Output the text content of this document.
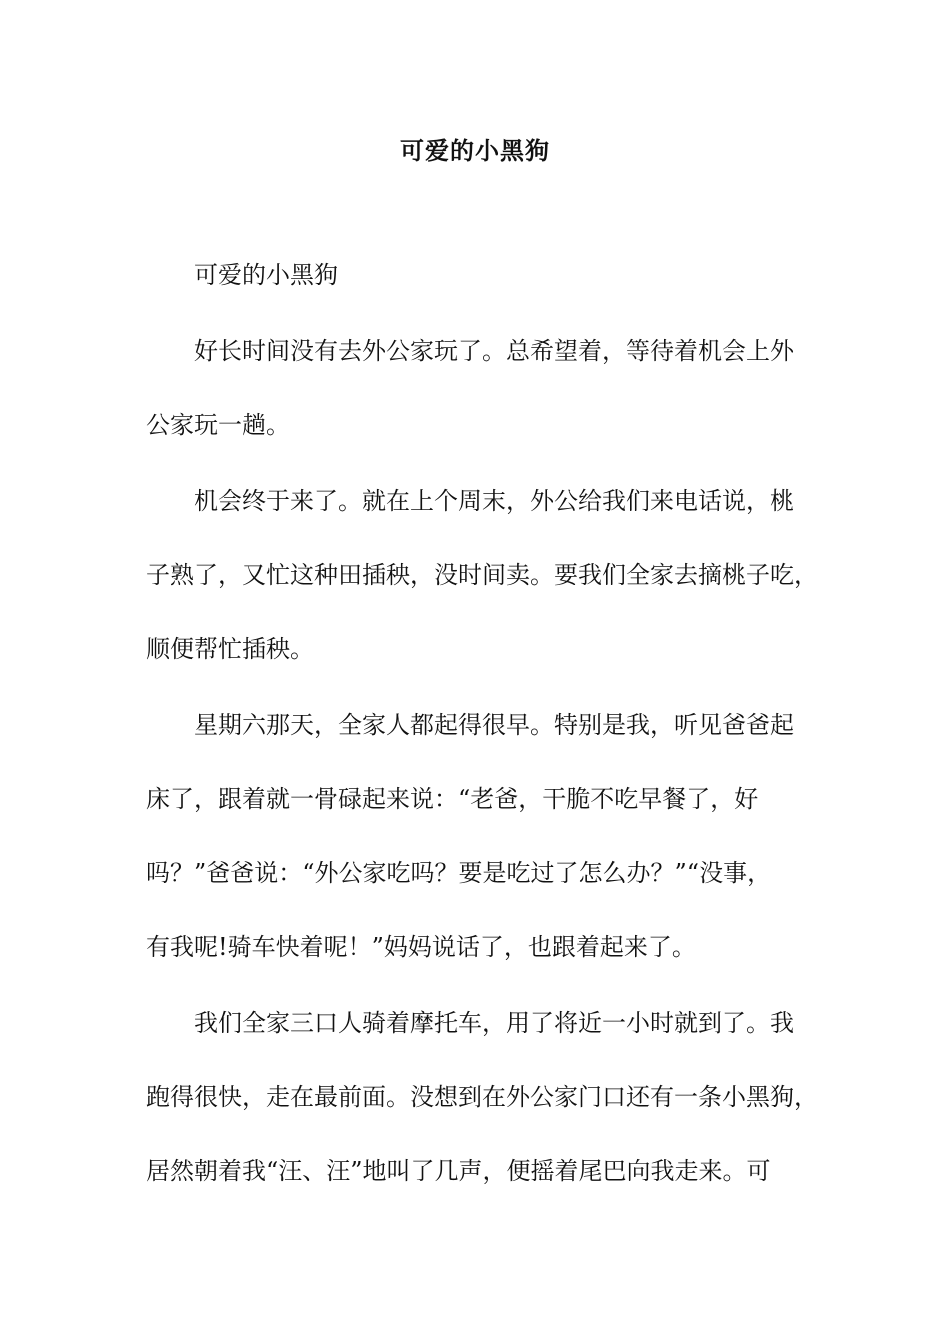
可爱的小黑狗
可爱的小黑狗
好长时间没有去外公家玩了。总希望着，等待着机会上外
公家玩一趟。
机会终于来了。就在上个周末，外公给我们来电话说，桃
子熟了，又忙这种田插秧，没时间卖。要我们全家去摘桃子吃，
顺便帮忙插秧。
星期六那天，全家人都起得很早。特别是我，听见爸爸起
床了，跟着就一骨碌起来说：“老爸，干脆不吃早餐了，好
吗？”爸爸说：“外公家吃吗？要是吃过了怎么办？”“没事，
有我呢!骑车快着呢！”妈妈说话了，也跟着起来了。
我们全家三口人骑着摩托车，用了将近一小时就到了。我
跑得很快，走在最前面。没想到在外公家门口还有一条小黑狗，
居然朝着我“汪、汪”地叫了几声，便摇着尾巴向我走来。可
